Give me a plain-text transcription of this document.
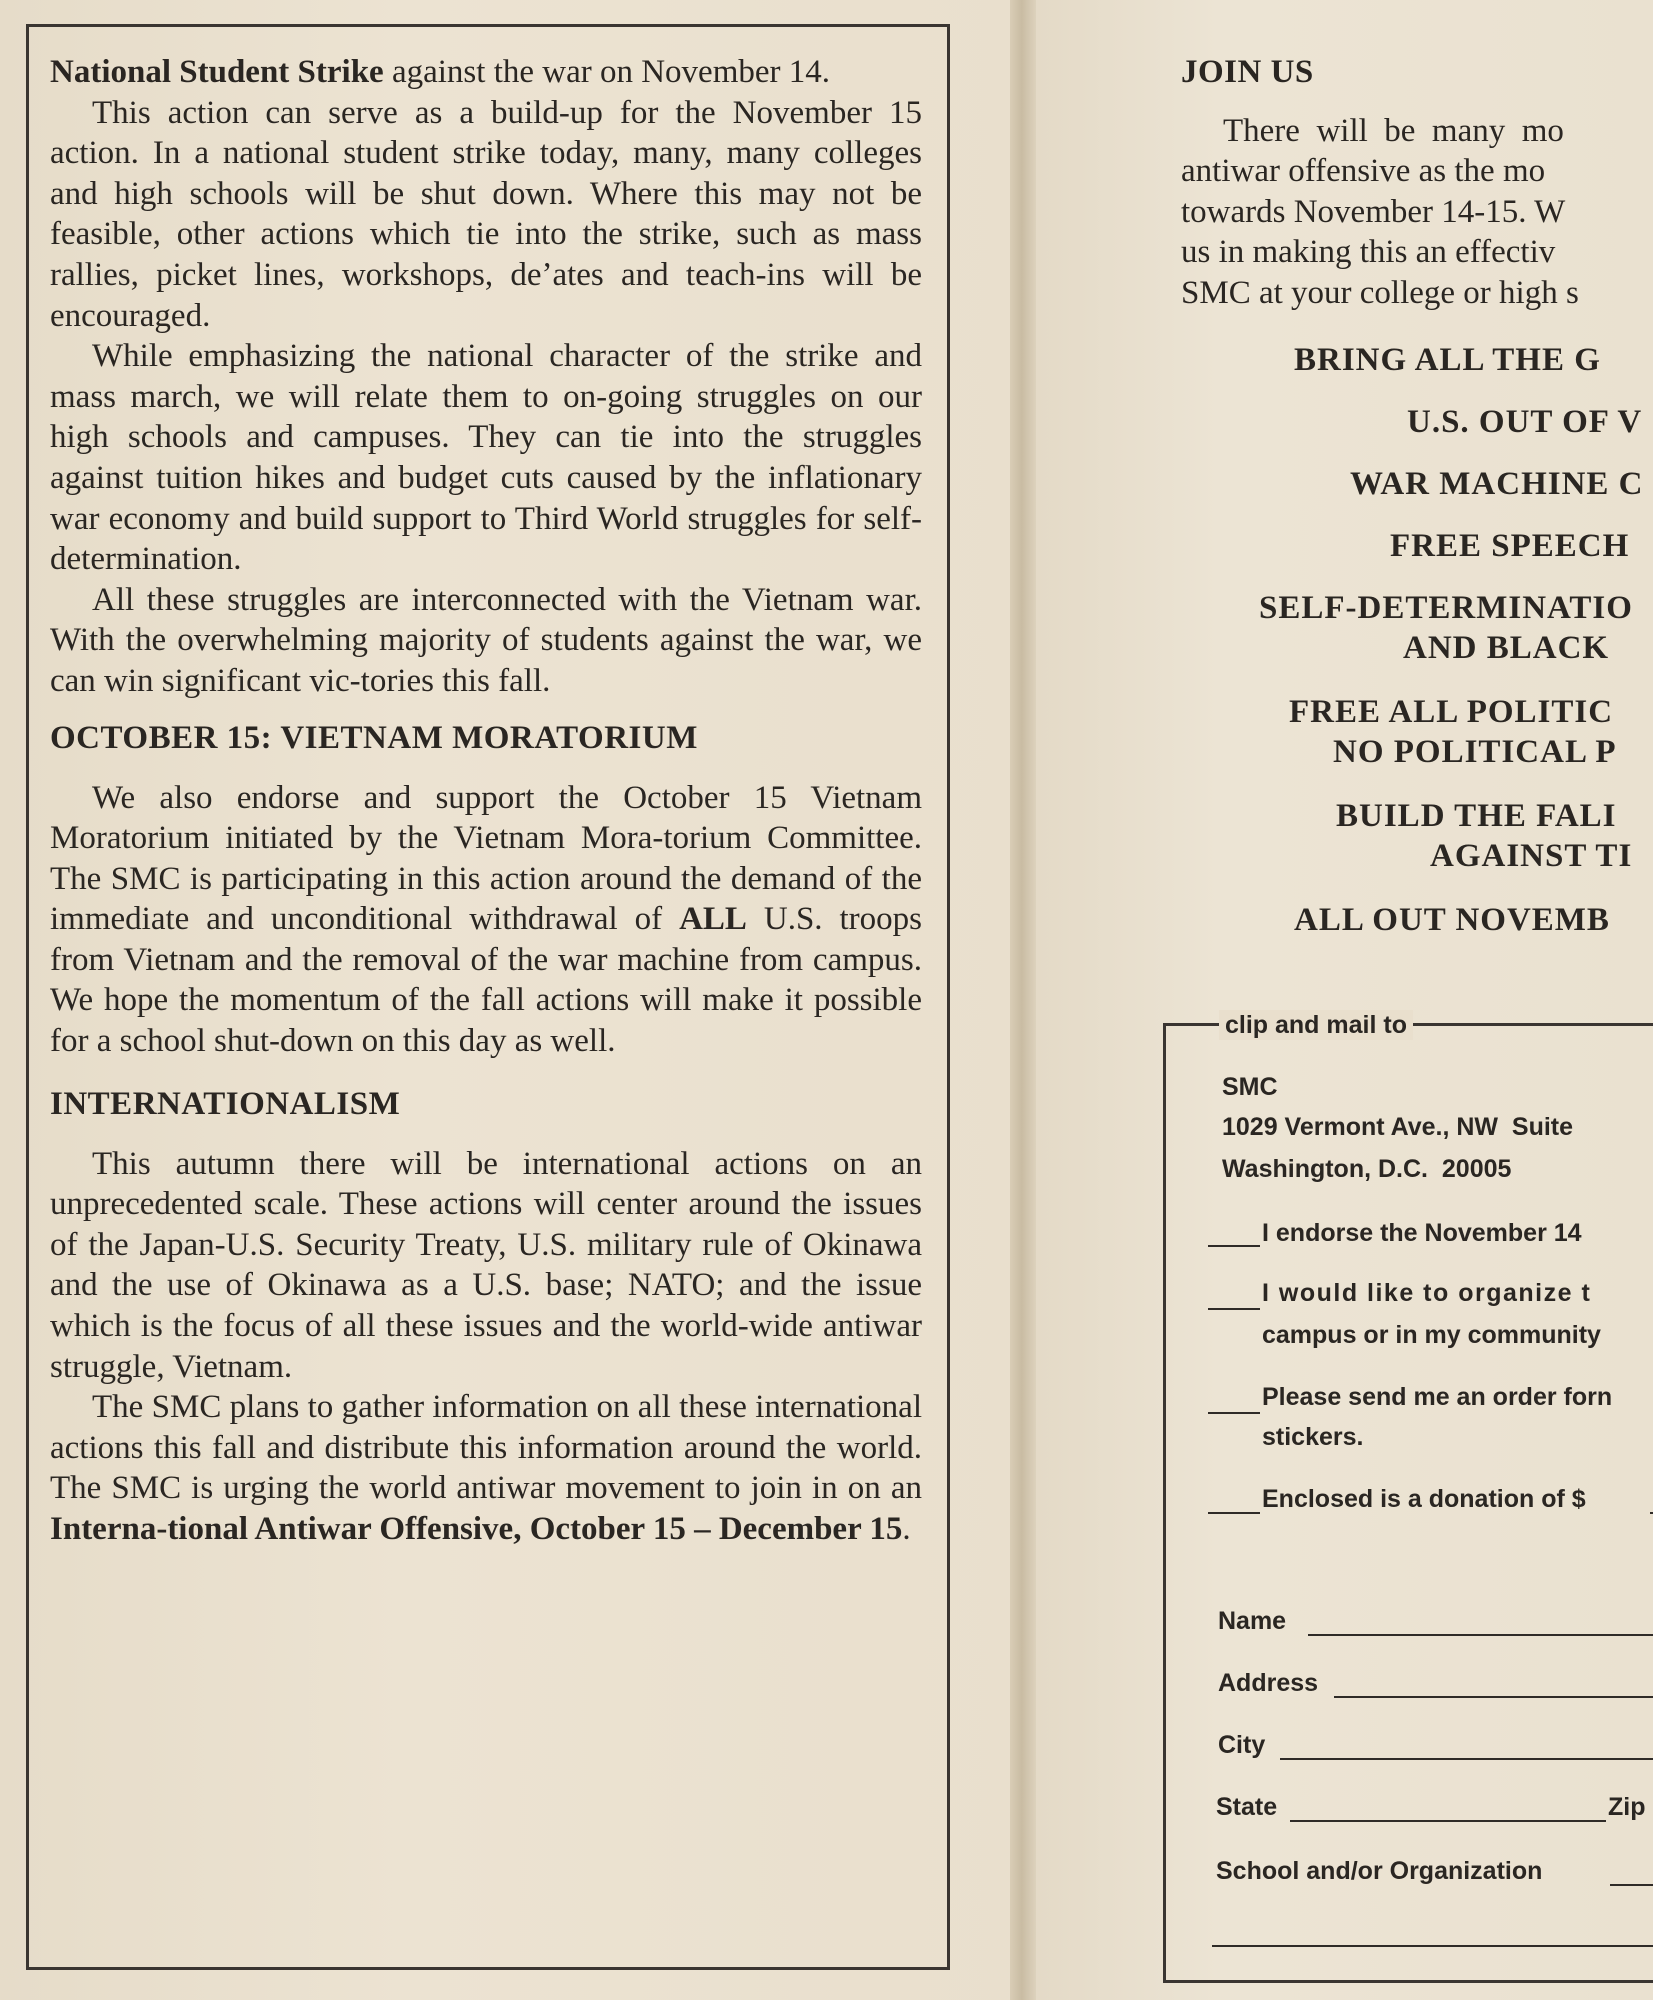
National Student Strike against the war on November 14.

This action can serve as a build-up for the November 15 action. In a national student strike today, many, many colleges and high schools will be shut down. Where this may not be feasible, other actions which tie into the strike, such as mass rallies, picket lines, workshops, deʼates and teach-ins will be encouraged.

While emphasizing the national character of the strike and mass march, we will relate them to on-going struggles on our high schools and campuses. They can tie into the struggles against tuition hikes and budget cuts caused by the inflationary war economy and build support to Third World struggles for self-determination.

All these struggles are interconnected with the Vietnam war. With the overwhelming majority of students against the war, we can win significant vic-tories this fall.

OCTOBER 15: VIETNAM MORATORIUM

We also endorse and support the October 15 Vietnam Moratorium initiated by the Vietnam Mora-torium Committee. The SMC is participating in this action around the demand of the immediate and unconditional withdrawal of ALL U.S. troops from Vietnam and the removal of the war machine from campus. We hope the momentum of the fall actions will make it possible for a school shut-down on this day as well.

INTERNATIONALISM

This autumn there will be international actions on an unprecedented scale. These actions will center around the issues of the Japan-U.S. Security Treaty, U.S. military rule of Okinawa and the use of Okinawa as a U.S. base; NATO; and the issue which is the focus of all these issues and the world-wide antiwar struggle, Vietnam.

The SMC plans to gather information on all these international actions this fall and distribute this information around the world. The SMC is urging the world antiwar movement to join in on an Interna-tional Antiwar Offensive, October 15 – December 15.

JOIN US

There  will  be  many  mo

antiwar offensive as the mo

towards November 14-15. W

us in making this an effectiv

SMC at your college or high s

BRING ALL THE G
U.S. OUT OF V
WAR MACHINE C
FREE SPEECH
SELF-DETERMINATIO
AND BLACK
FREE ALL POLITIC
NO POLITICAL P
BUILD THE FALI
AGAINST TI
ALL OUT NOVEMB
clip and mail to
SMC
1029 Vermont Ave., NW  Suite
Washington, D.C.  20005
I endorse the November 14
I would like to organize t
campus or in my community
Please send me an order forn
stickers.
Enclosed is a donation of $
Name
Address
City
State	Zip
School and/or Organization
